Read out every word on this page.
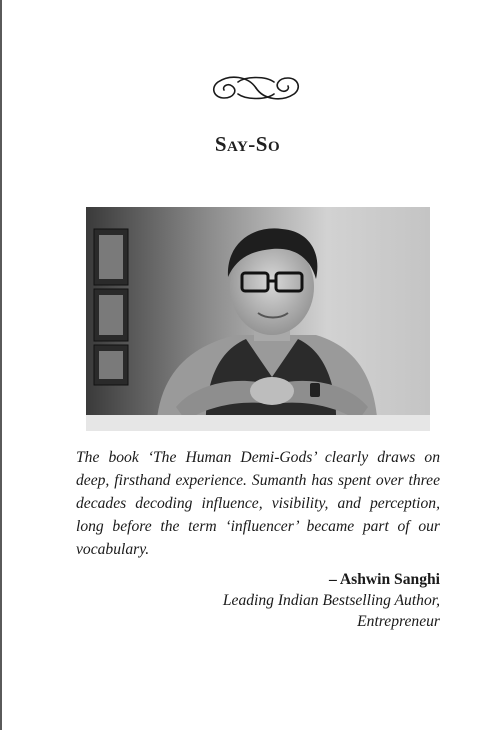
Say-So

The book ‘The Human Demi-Gods’ clearly draws on deep, firsthand experience. Sumanth has spent over three decades decoding influence, visibility, and perception, long before the term ‘influencer’ became part of our vocabulary.

– Ashwin Sanghi
Leading Indian Bestselling Author,
Entrepreneur
